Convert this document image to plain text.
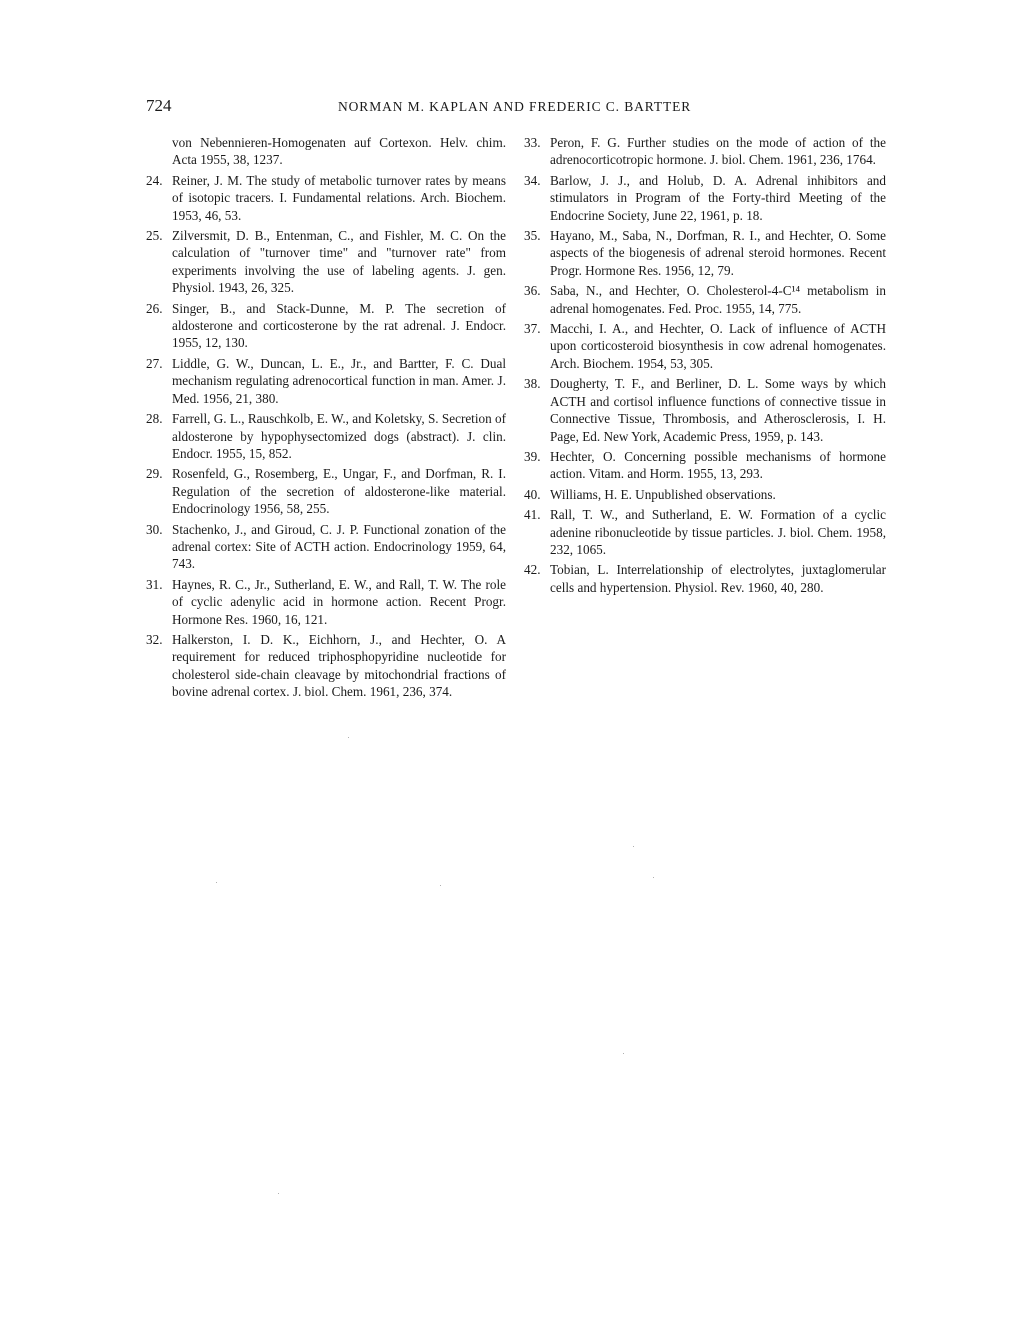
724	NORMAN M. KAPLAN AND FREDERIC C. BARTTER
von Nebennieren-Homogenaten auf Cortexon. Helv. chim. Acta 1955, 38, 1237.
24. Reiner, J. M. The study of metabolic turnover rates by means of isotopic tracers. I. Fundamental relations. Arch. Biochem. 1953, 46, 53.
25. Zilversmit, D. B., Entenman, C., and Fishler, M. C. On the calculation of "turnover time" and "turnover rate" from experiments involving the use of labeling agents. J. gen. Physiol. 1943, 26, 325.
26. Singer, B., and Stack-Dunne, M. P. The secretion of aldosterone and corticosterone by the rat adrenal. J. Endocr. 1955, 12, 130.
27. Liddle, G. W., Duncan, L. E., Jr., and Bartter, F. C. Dual mechanism regulating adrenocortical function in man. Amer. J. Med. 1956, 21, 380.
28. Farrell, G. L., Rauschkolb, E. W., and Koletsky, S. Secretion of aldosterone by hypophysectomized dogs (abstract). J. clin. Endocr. 1955, 15, 852.
29. Rosenfeld, G., Rosemberg, E., Ungar, F., and Dorfman, R. I. Regulation of the secretion of aldosterone-like material. Endocrinology 1956, 58, 255.
30. Stachenko, J., and Giroud, C. J. P. Functional zonation of the adrenal cortex: Site of ACTH action. Endocrinology 1959, 64, 743.
31. Haynes, R. C., Jr., Sutherland, E. W., and Rall, T. W. The role of cyclic adenylic acid in hormone action. Recent Progr. Hormone Res. 1960, 16, 121.
32. Halkerston, I. D. K., Eichhorn, J., and Hechter, O. A requirement for reduced triphosphopyridine nucleotide for cholesterol side-chain cleavage by mitochondrial fractions of bovine adrenal cortex. J. biol. Chem. 1961, 236, 374.
33. Peron, F. G. Further studies on the mode of action of the adrenocorticotropic hormone. J. biol. Chem. 1961, 236, 1764.
34. Barlow, J. J., and Holub, D. A. Adrenal inhibitors and stimulators in Program of the Forty-third Meeting of the Endocrine Society, June 22, 1961, p. 18.
35. Hayano, M., Saba, N., Dorfman, R. I., and Hechter, O. Some aspects of the biogenesis of adrenal steroid hormones. Recent Progr. Hormone Res. 1956, 12, 79.
36. Saba, N., and Hechter, O. Cholesterol-4-C¹⁴ metabolism in adrenal homogenates. Fed. Proc. 1955, 14, 775.
37. Macchi, I. A., and Hechter, O. Lack of influence of ACTH upon corticosteroid biosynthesis in cow adrenal homogenates. Arch. Biochem. 1954, 53, 305.
38. Dougherty, T. F., and Berliner, D. L. Some ways by which ACTH and cortisol influence functions of connective tissue in Connective Tissue, Thrombosis, and Atherosclerosis, I. H. Page, Ed. New York, Academic Press, 1959, p. 143.
39. Hechter, O. Concerning possible mechanisms of hormone action. Vitam. and Horm. 1955, 13, 293.
40. Williams, H. E. Unpublished observations.
41. Rall, T. W., and Sutherland, E. W. Formation of a cyclic adenine ribonucleotide by tissue particles. J. biol. Chem. 1958, 232, 1065.
42. Tobian, L. Interrelationship of electrolytes, juxtaglomerular cells and hypertension. Physiol. Rev. 1960, 40, 280.
